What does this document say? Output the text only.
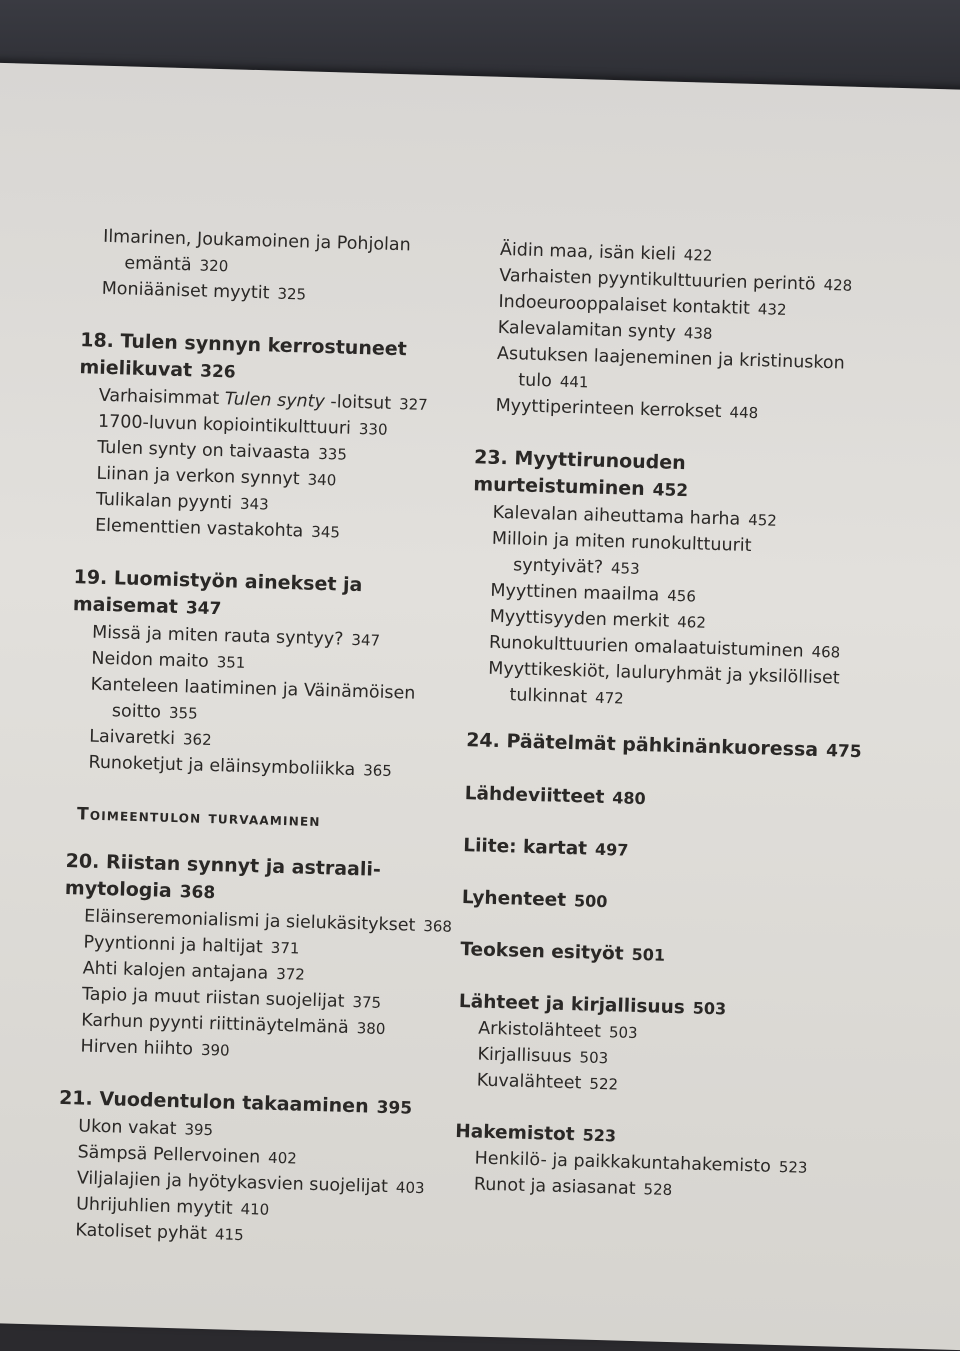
Ilmarinen, Joukamoinen ja Pohjolan
emäntä 320
Moniääniset myytit 325
18. Tulen synnyn kerrostuneet
mielikuvat 326
Varhaisimmat Tulen synty -loitsut 327
1700-luvun kopiointikulttuuri 330
Tulen synty on taivaasta 335
Liinan ja verkon synnyt 340
Tulikalan pyynti 343
Elementtien vastakohta 345
19. Luomistyön ainekset ja
maisemat 347
Missä ja miten rauta syntyy? 347
Neidon maito 351
Kanteleen laatiminen ja Väinämöisen
soitto 355
Laivaretki 362
Runoketjut ja eläinsymboliikka 365
Toimeentulon turvaaminen
20. Riistan synnyt ja astraali-
mytologia 368
Eläinseremonialismi ja sielukäsitykset 368
Pyyntionni ja haltijat 371
Ahti kalojen antajana 372
Tapio ja muut riistan suojelijat 375
Karhun pyynti riittinäytelmänä 380
Hirven hiihto 390
21. Vuodentulon takaaminen 395
Ukon vakat 395
Sämpsä Pellervoinen 402
Viljalajien ja hyötykasvien suojelijat 403
Uhrijuhlien myytit 410
Katoliset pyhät 415
Äidin maa, isän kieli 422
Varhaisten pyyntikulttuurien perintö 428
Indoeurooppalaiset kontaktit 432
Kalevalamitan synty 438
Asutuksen laajeneminen ja kristinuskon
tulo 441
Myyttiperinteen kerrokset 448
23. Myyttirunouden
murteistuminen 452
Kalevalan aiheuttama harha 452
Milloin ja miten runokulttuurit
syntyivät? 453
Myyttinen maailma 456
Myyttisyyden merkit 462
Runokulttuurien omalaatuistuminen 468
Myyttikeskiöt, lauluryhmät ja yksilölliset
tulkinnat 472
24. Päätelmät pähkinänkuoressa 475
Lähdeviitteet 480
Liite: kartat 497
Lyhenteet 500
Teoksen esityöt 501
Lähteet ja kirjallisuus 503
Arkistolähteet 503
Kirjallisuus 503
Kuvalähteet 522
Hakemistot 523
Henkilö- ja paikkakuntahakemisto 523
Runot ja asiasanat 528
